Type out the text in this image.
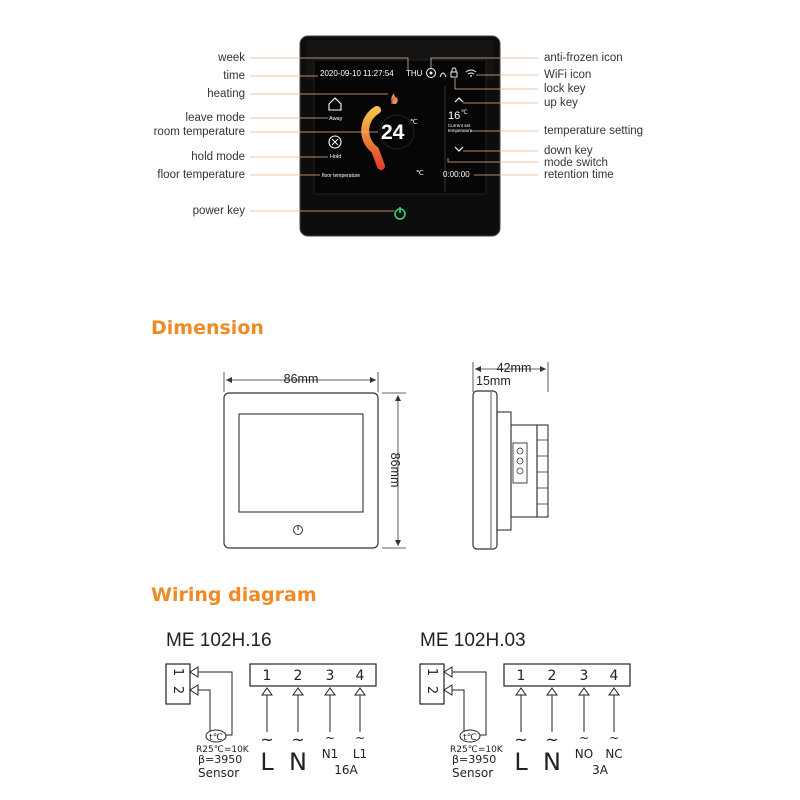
2020-09-10 11:27:54 THU
Away
Hold
24 ℃
floor temperature	℃
16 ℃
Current set
temperature
0:00:00
week
time
heating
leave mode
room temperature
hold mode
floor temperature
power key
anti-frozen icon
WiFi icon
lock key
up key
temperature setting
down key
mode switch
retention time
Dimension
86mm
86mm
42mm
15mm
Wiring diagram
ME 102H.16
1
2
t℃
R25℃=10K
β=3950
Sensor
1
~
L
2
~
N
3
~
N1
4
~
L1
16A
ME 102H.03
1
2
t℃
R25℃=10K
β=3950
Sensor
1
~
L
2
~
N
3
~
NO
4
~
NC
3A
